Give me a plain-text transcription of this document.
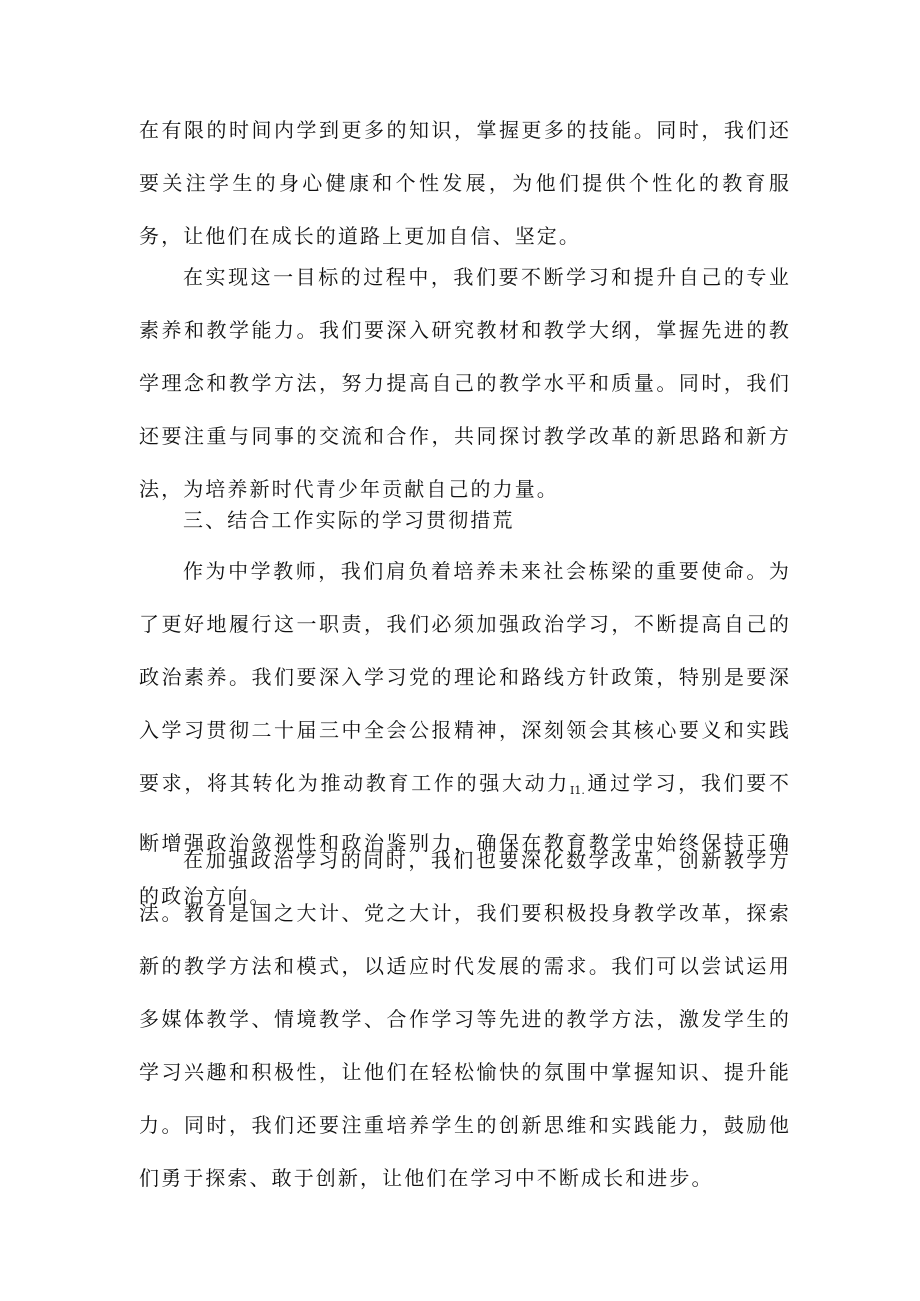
在有限的时间内学到更多的知识，掌握更多的技能。同时，我们还要关注学生的身心健康和个性发展，为他们提供个性化的教育服务，让他们在成长的道路上更加自信、坚定。

在实现这一目标的过程中，我们要不断学习和提升自己的专业素养和教学能力。我们要深入研究教材和教学大纲，掌握先进的教学理念和教学方法，努力提高自己的教学水平和质量。同时，我们还要注重与同事的交流和合作，共同探讨教学改革的新思路和新方法，为培养新时代青少年贡献自己的力量。

三、结合工作实际的学习贯彻措荒

作为中学教师，我们肩负着培养未来社会栋梁的重要使命。为了更好地履行这一职责，我们必须加强政治学习，不断提高自己的政治素养。我们要深入学习党的理论和路线方针政策，特别是要深入学习贯彻二十届三中全会公报精神，深刻领会其核心要义和实践要求，将其转化为推动教育工作的强大动力$_{I1.}$ 通过学习，我们要不断增强政治敛视性和政治鉴别力，确保在教育教学中始终保持正确的政治方向。

在加强政治学习的同时，我们也要深化数学改革，创新教学方法。教育是国之大计、党之大计，我们要积极投身教学改革，探索新的教学方法和模式，以适应时代发展的需求。我们可以尝试运用多媒体教学、情境教学、合作学习等先进的教学方法，激发学生的学习兴趣和积极性，让他们在轻松愉快的氛围中掌握知识、提升能力。同时，我们还要注重培养学生的创新思维和实践能力，鼓励他们勇于探索、敢于创新，让他们在学习中不断成长和进步。
